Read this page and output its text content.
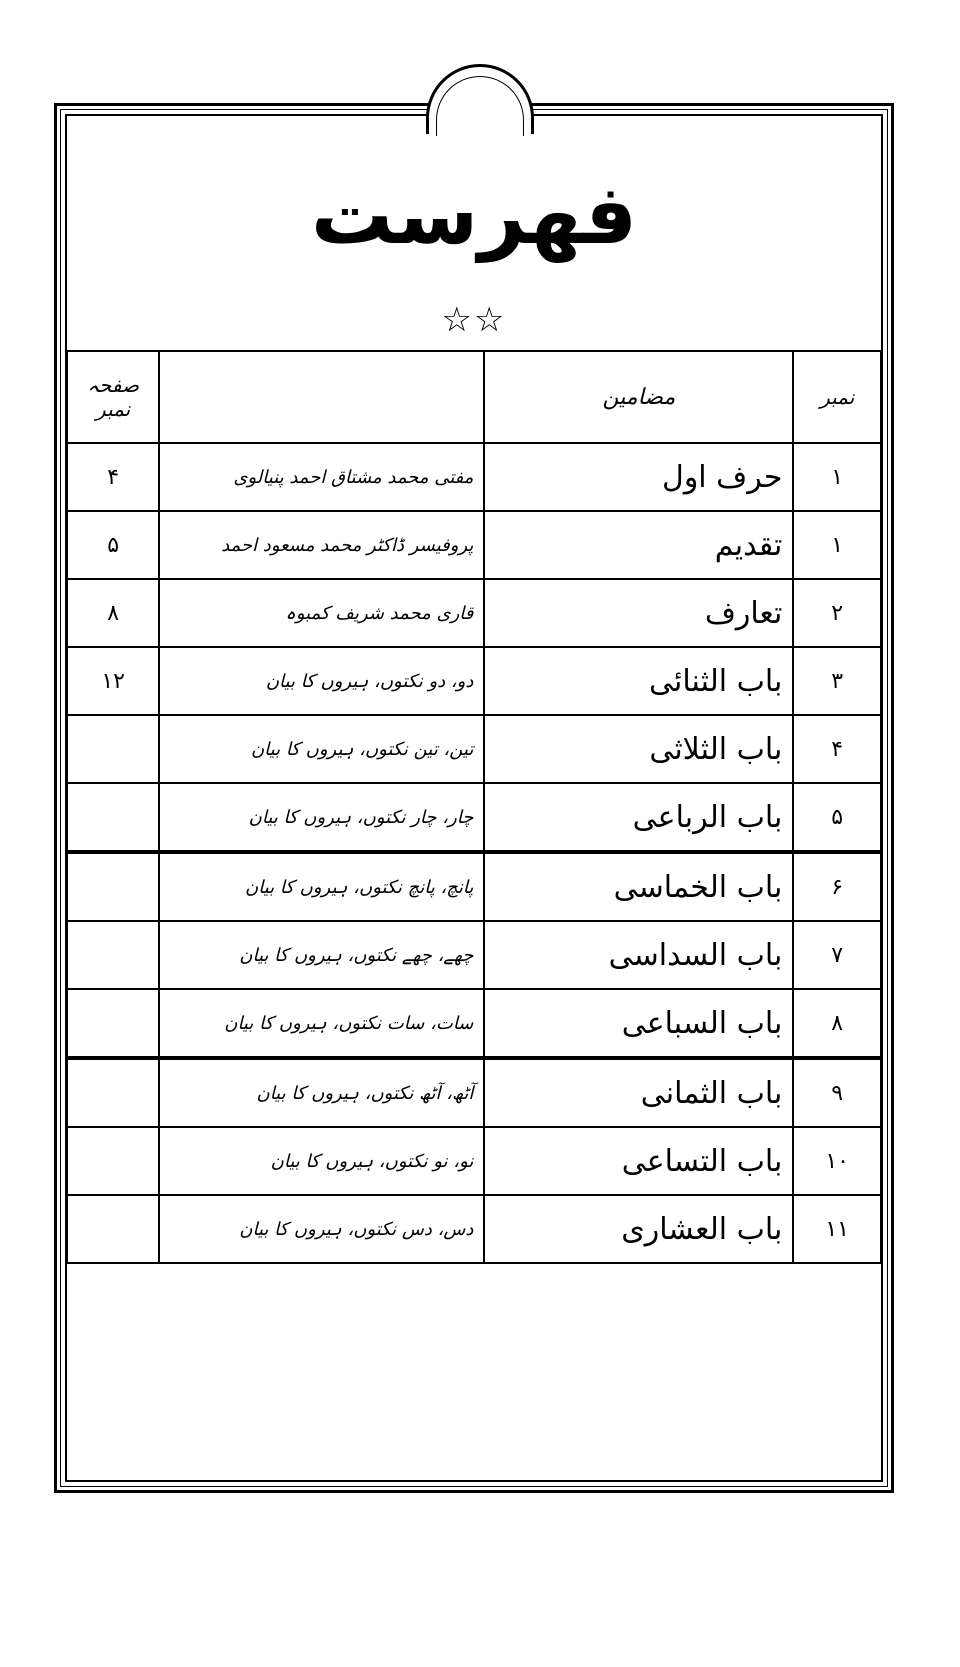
فهرست
☆☆
نمبر	مضامین		صفحہ نمبر
۱	حرف اول	مفتی محمد مشتاق احمد پنیالوی	۴
۱	تقدیم	پروفیسر ڈاکٹر محمد مسعود احمد	۵
۲	تعارف	قاری محمد شریف کمبوہ	۸
۳	باب الثنائی	دو، دو نکتوں، ہیروں کا بیان	۱۲
۴	باب الثلاثی	تین، تین نکتوں، ہیروں کا بیان	
۵	باب الرباعی	چار، چار نکتوں، ہیروں کا بیان	
۶	باب الخماسی	پانچ، پانچ نکتوں، ہیروں کا بیان	
۷	باب السداسی	چھے، چھے نکتوں، ہیروں کا بیان	
۸	باب السباعی	سات، سات نکتوں، ہیروں کا بیان	
۹	باب الثمانی	آٹھ، آٹھ نکتوں، ہیروں کا بیان	
۱۰	باب التساعی	نو، نو نکتوں، ہیروں کا بیان	
۱۱	باب العشاری	دس، دس نکتوں، ہیروں کا بیان	
